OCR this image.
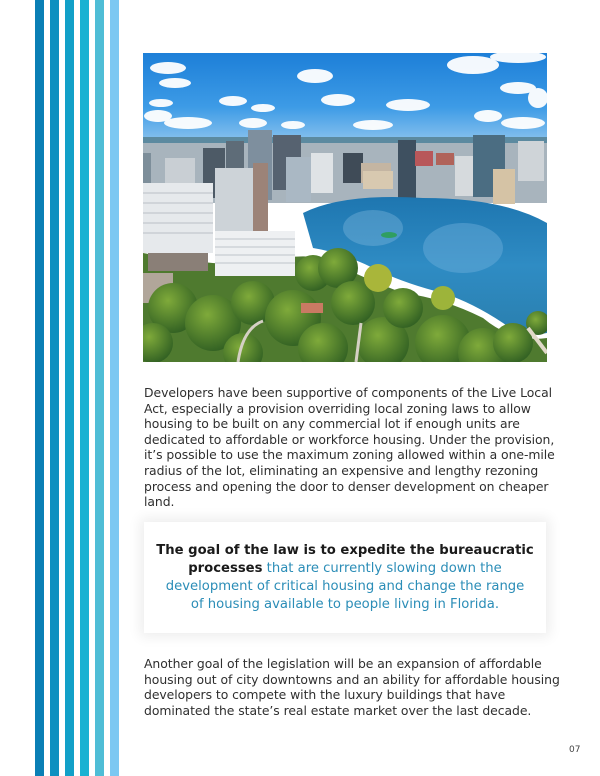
Developers have been supportive of components of the Live Local
Act, especially a provision overriding local zoning laws to allow
housing to be built on any commercial lot if enough units are
dedicated to affordable or workforce housing. Under the provision,
it’s possible to use the maximum zoning allowed within a one-mile
radius of the lot, eliminating an expensive and lengthy rezoning
process and opening the door to denser development on cheaper
land.
The goal of the law is to expedite the bureaucratic
processes that are currently slowing down the
development of critical housing and change the range
of housing available to people living in Florida.
Another goal of the legislation will be an expansion of affordable
housing out of city downtowns and an ability for affordable housing
developers to compete with the luxury buildings that have
dominated the state’s real estate market over the last decade.
07
